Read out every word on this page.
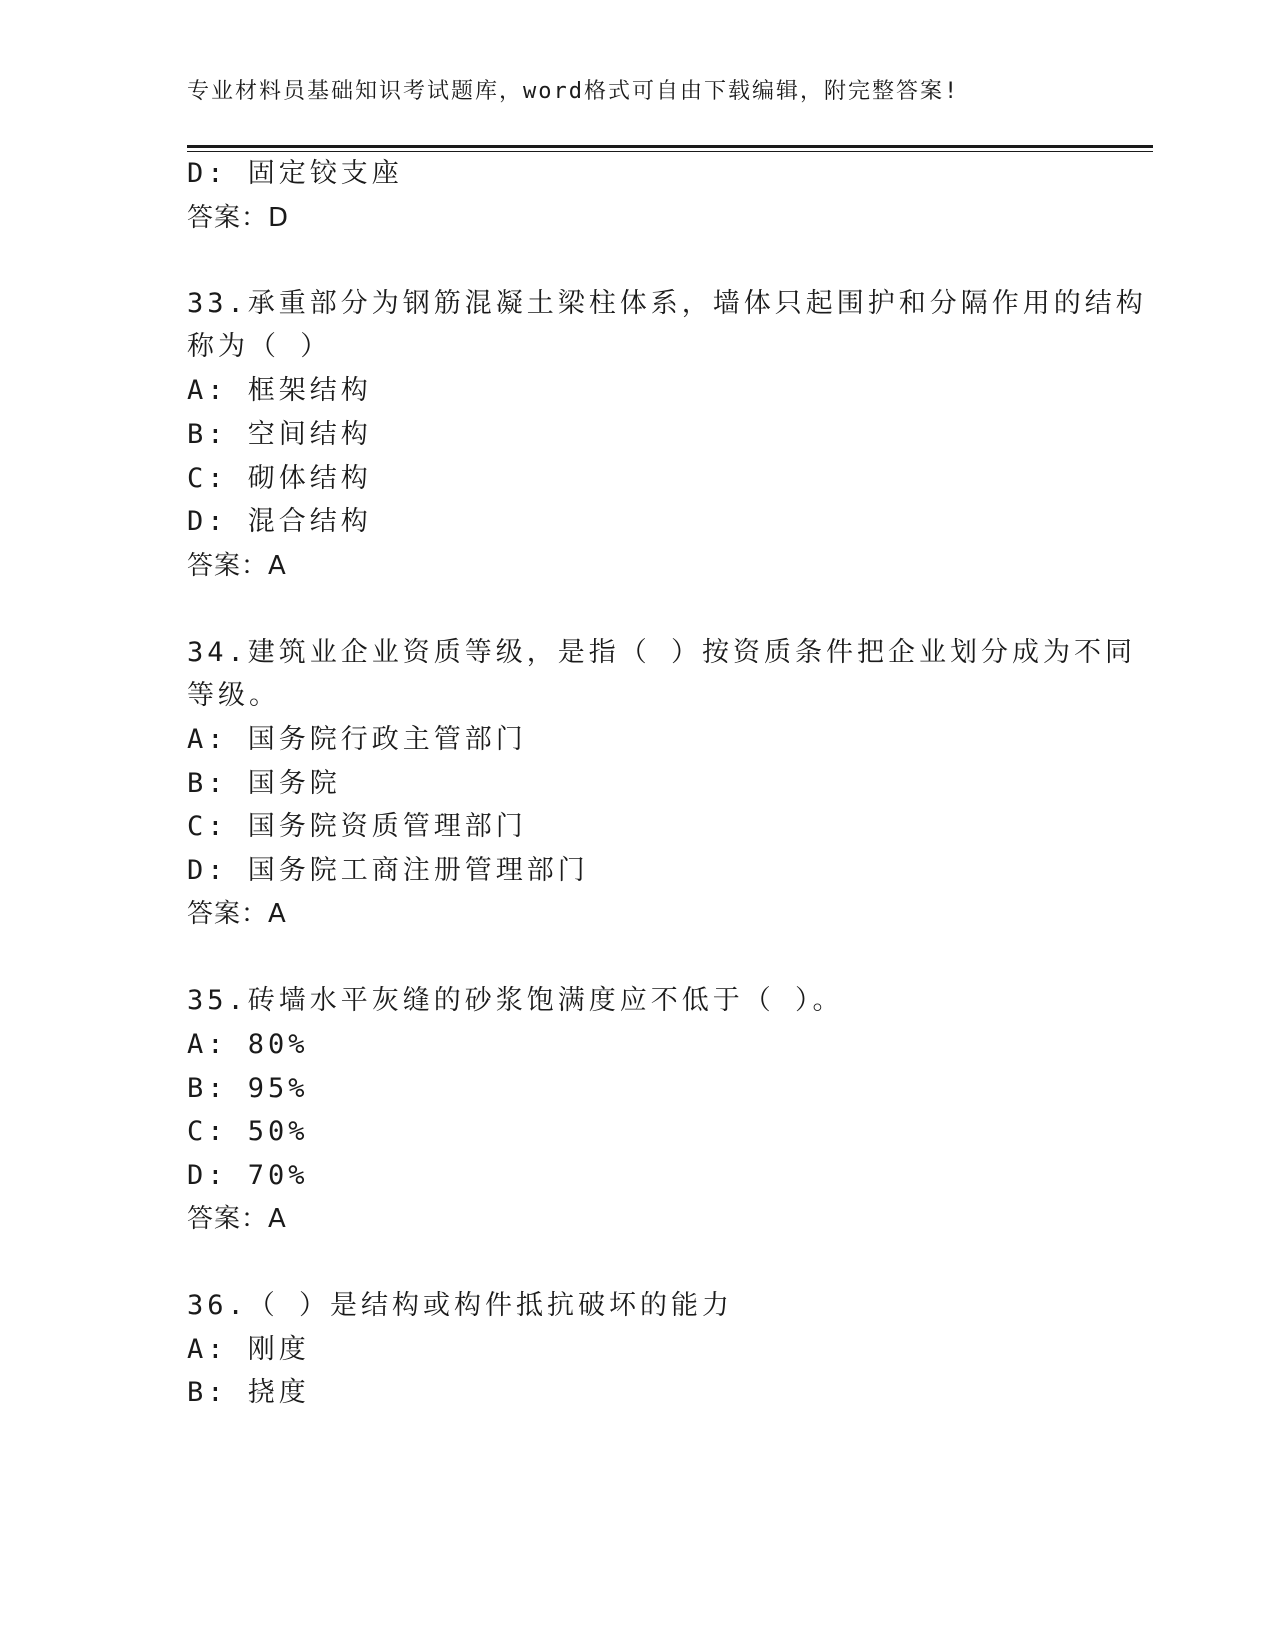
专业材料员基础知识考试题库，word格式可自由下载编辑，附完整答案!
D: 固定铰支座
答案：D
33.承重部分为钢筋混凝土梁柱体系，墙体只起围护和分隔作用的结构
称为（ ）
A: 框架结构
B: 空间结构
C: 砌体结构
D: 混合结构
答案：A
34.建筑业企业资质等级，是指（ ）按资质条件把企业划分成为不同
等级。
A: 国务院行政主管部门
B: 国务院
C: 国务院资质管理部门
D: 国务院工商注册管理部门
答案：A
35.砖墙水平灰缝的砂浆饱满度应不低于（ ）。
A: 80%
B: 95%
C: 50%
D: 70%
答案：A
36.（ ）是结构或构件抵抗破坏的能力
A: 刚度
B: 挠度
